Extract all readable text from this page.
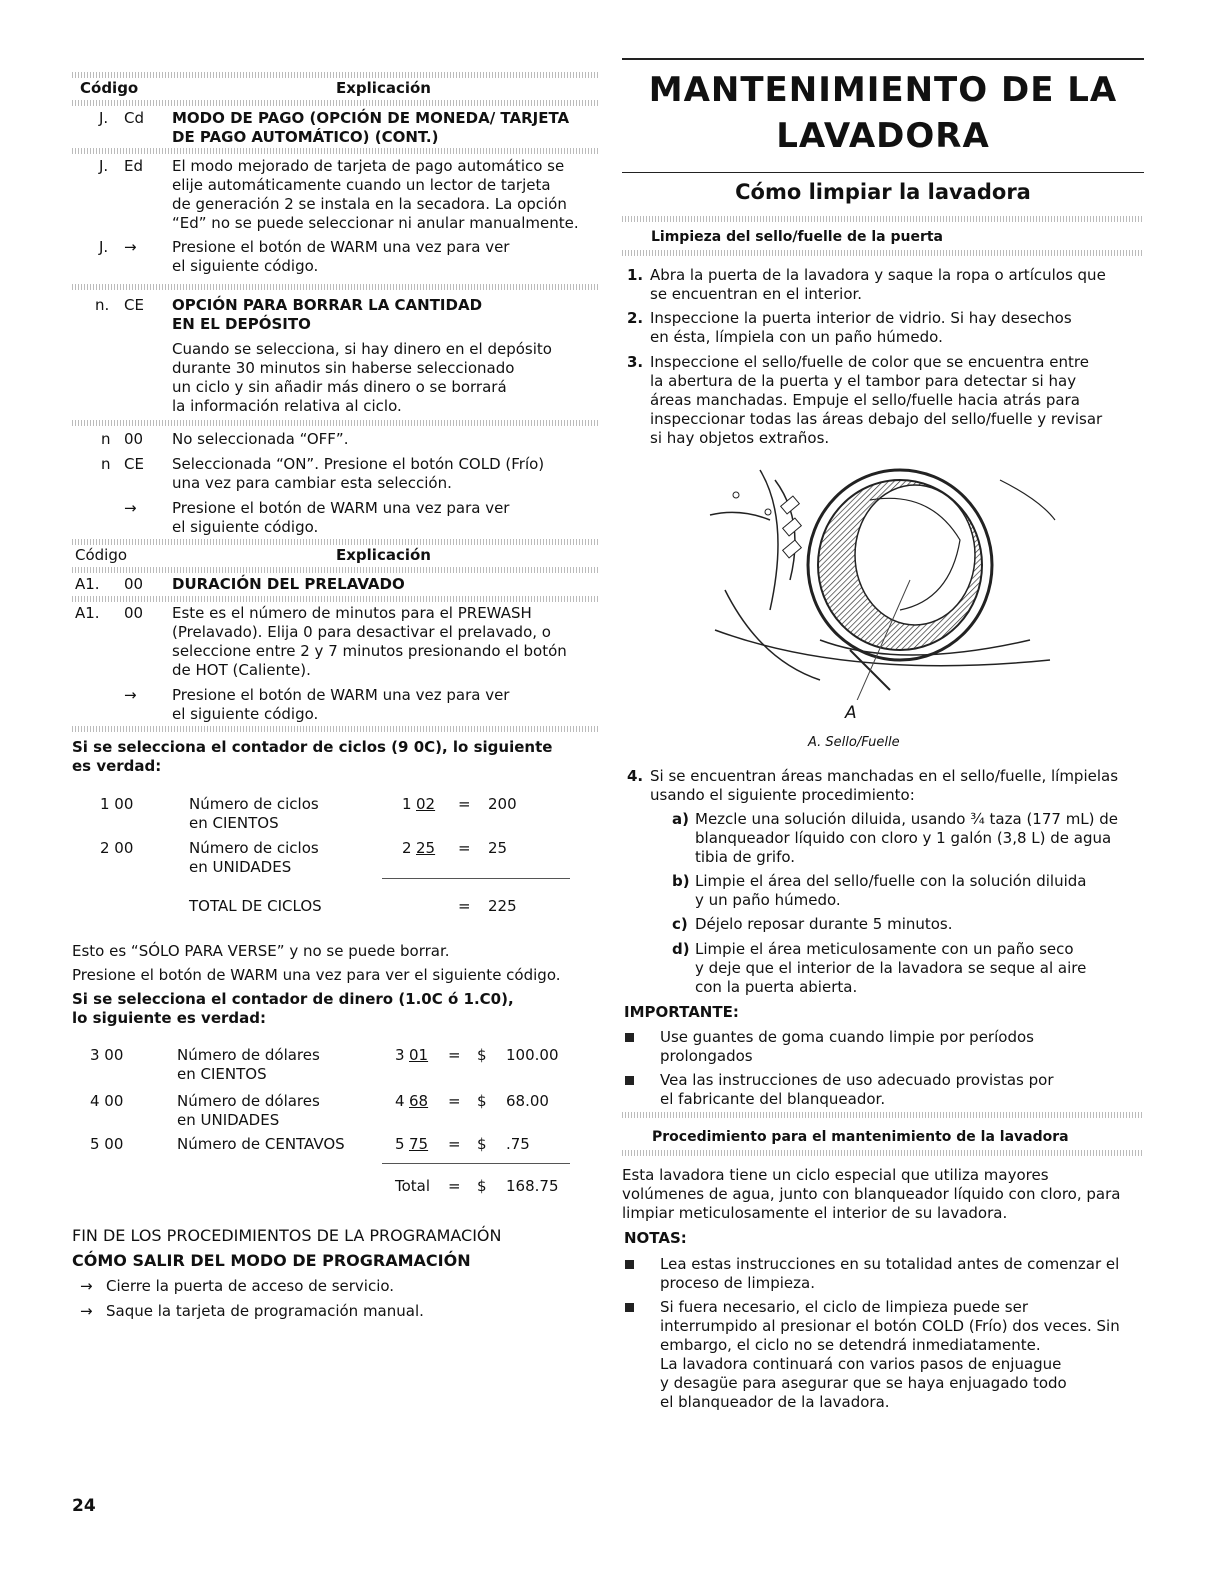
Código	Explicación
J. Cd MODO DE PAGO (OPCIÓN DE MONEDA/ TARJETA
DE PAGO AUTOMÁTICO) (CONT.)
J. Ed El modo mejorado de tarjeta de pago automático se
elije automáticamente cuando un lector de tarjeta
de generación 2 se instala en la secadora. La opción
“Ed” no se puede seleccionar ni anular manualmente.
J. → Presione el botón de WARM una vez para ver
el siguiente código.
n. CE OPCIÓN PARA BORRAR LA CANTIDAD
EN EL DEPÓSITO
Cuando se selecciona, si hay dinero en el depósito
durante 30 minutos sin haberse seleccionado
un ciclo y sin añadir más dinero o se borrará
la información relativa al ciclo.
n 00 No seleccionada “OFF”.
n CE Seleccionada “ON”. Presione el botón COLD (Frío)
una vez para cambiar esta selección.
→ Presione el botón de WARM una vez para ver
el siguiente código.
Código	Explicación
A1. 00 DURACIÓN DEL PRELAVADO
A1. 00 Este es el número de minutos para el PREWASH
(Prelavado). Elija 0 para desactivar el prelavado, o
seleccione entre 2 y 7 minutos presionando el botón
de HOT (Caliente).
→ Presione el botón de WARM una vez para ver
el siguiente código.
Si se selecciona el contador de ciclos (9 0C), lo siguiente
es verdad:
1 00	Número de ciclos
en CIENTOS
1 02 = 200
2 00	Número de ciclos
en UNIDADES
2 25 = 25
TOTAL DE CICLOS	= 225
Esto es “SÓLO PARA VERSE” y no se puede borrar.
Presione el botón de WARM una vez para ver el siguiente código.
Si se selecciona el contador de dinero (1.0C ó 1.C0),
lo siguiente es verdad:
3 00	Número de dólares
en CIENTOS
3 01 = $ 100.00
4 00	Número de dólares
en UNIDADES
4 68 = $ 68.00
5 00	Número de CENTAVOS	5 75 = $ .75
Total = $ 168.75
FIN DE LOS PROCEDIMIENTOS DE LA PROGRAMACIÓN
CÓMO SALIR DEL MODO DE PROGRAMACIÓN
→ Cierre la puerta de acceso de servicio.
→ Saque la tarjeta de programación manual.
24
MANTENIMIENTO DE LA
LAVADORA
Cómo limpiar la lavadora
Limpieza del sello/fuelle de la puerta
1. Abra la puerta de la lavadora y saque la ropa o artículos que
se encuentran en el interior.
2. Inspeccione la puerta interior de vidrio. Si hay desechos
en ésta, límpiela con un paño húmedo.
3. Inspeccione el sello/fuelle de color que se encuentra entre
la abertura de la puerta y el tambor para detectar si hay
áreas manchadas. Empuje el sello/fuelle hacia atrás para
inspeccionar todas las áreas debajo del sello/fuelle y revisar
si hay objetos extraños.
A
A. Sello/Fuelle
4. Si se encuentran áreas manchadas en el sello/fuelle, límpielas
usando el siguiente procedimiento:
a) Mezcle una solución diluida, usando ¾ taza (177 mL) de
blanqueador líquido con cloro y 1 galón (3,8 L) de agua
tibia de grifo.
b) Limpie el área del sello/fuelle con la solución diluida
y un paño húmedo.
c) Déjelo reposar durante 5 minutos.
d) Limpie el área meticulosamente con un paño seco
y deje que el interior de la lavadora se seque al aire
con la puerta abierta.
IMPORTANTE:
Use guantes de goma cuando limpie por períodos
prolongados
Vea las instrucciones de uso adecuado provistas por
el fabricante del blanqueador.
Procedimiento para el mantenimiento de la lavadora
Esta lavadora tiene un ciclo especial que utiliza mayores
volúmenes de agua, junto con blanqueador líquido con cloro, para
limpiar meticulosamente el interior de su lavadora.
NOTAS:
Lea estas instrucciones en su totalidad antes de comenzar el
proceso de limpieza.
Si fuera necesario, el ciclo de limpieza puede ser
interrumpido al presionar el botón COLD (Frío) dos veces. Sin
embargo, el ciclo no se detendrá inmediatamente.
La lavadora continuará con varios pasos de enjuague
y desagüe para asegurar que se haya enjuagado todo
el blanqueador de la lavadora.
